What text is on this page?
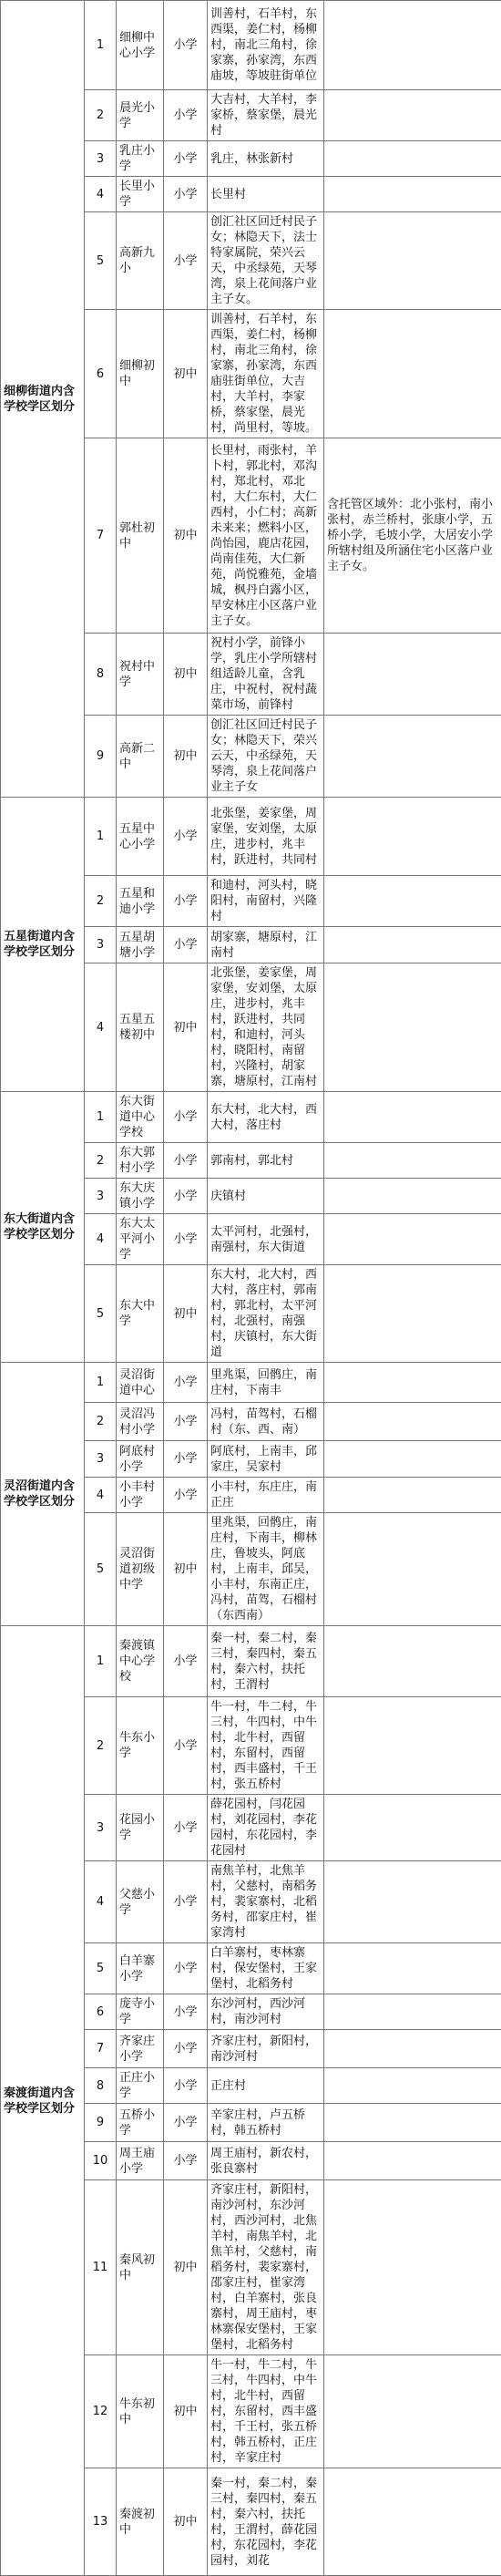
细柳街道内含学校学区划分	1	细柳中心小学	小学	训善村，石羊村，东西渠，姜仁村，杨柳村，南北三角村，徐家寨，孙家湾，东西庙坡，等坡驻街单位	
	2	晨光小学	小学	大吉村，大羊村，李家桥，蔡家堡，晨光村	
	3	乳庄小学	小学	乳庄，林张新村	
	4	长里小学	小学	长里村	
	5	高新九小	小学	创汇社区回迁村民子女；林隐天下，法士特家属院，荣兴云天，中丞绿苑，天琴湾，泉上花间落户业主子女。	
	6	细柳初中	初中	训善村，石羊村，东西渠，姜仁村，杨柳村，南北三角村，徐家寨，孙家湾，东西庙驻街单位，大吉村，大羊村，李家桥，蔡家堡，晨光村，尚里村，等坡。	
	7	郭杜初中	初中	长里村，雨张村，羊卜村，郭北村，邓沟村，郑北村，邓北村，大仁东村，大仁西村，小仁村；高新未来来；燃料小区，尚怡园，鹿店花园，尚南佳苑，大仁新苑，尚悦雅苑，金墙城，枫丹白露小区，早安林庄小区落户业主子女。	含托管区域外：北小张村，南小张村，赤兰桥村，张康小学，五桥小学，毛坡小学，大居安小学所辖村组及所涵住宅小区落户业主子女。
	8	祝村中学	初中	祝村小学，前锋小学，乳庄小学所辖村组适龄儿童，含乳庄，中祝村，祝村蔬菜市场，前锋村	
	9	高新二中	初中	创汇社区回迁村民子女；林隐天下，荣兴云天，中丞绿苑，天琴湾，泉上花间落户业主子女	
五星街道内含学校学区划分	1	五星中心小学	小学	北张堡，姜家堡，周家堡，安刘堡，太原庄，进步村，兆丰村，跃进村，共同村	
	2	五星和迪小学	小学	和迪村，河头村，晓阳村，南留村，兴隆村	
	3	五星胡塘小学	小学	胡家寨，塘原村，江南村	
	4	五星五楼初中	初中	北张堡，姜家堡，周家堡，安刘堡，太原庄，进步村，兆丰村，跃进村，共同村，和迪村，河头村，晓阳村，南留村，兴隆村，胡家寨，塘原村，江南村	
东大街道内含学校学区划分	1	东大街道中心学校	小学	东大村，北大村，西大村，落庄村	
	2	东大郭村小学	小学	郭南村，郭北村	
	3	东大庆镇小学	小学	庆镇村	
	4	东大太平河小学	小学	太平河村，北强村，南强村，东大街道	
	5	东大中学	初中	东大村，北大村，西大村，落庄村，郭南村，郭北村，太平河村，北强村，南强村，庆镇村，东大街道	
灵沼街道内含学校学区划分	1	灵沼街道中心	小学	里兆渠，回鹘庄，南庄村，下南丰	
	2	灵沼冯村小学	小学	冯村，苗驾村，石榴村（东、西、南）	
	3	阿底村小学	小学	阿底村，上南丰，邱家庄，吴家村	
	4	小丰村小学	小学	小丰村，东庄庄，南正庄	
	5	灵沼街道初级中学	初中	里兆渠，回鹘庄，南庄村，下南丰，柳林庄，鲁坡头，阿底村，上南丰，邱吴，小丰村，东南正庄，冯村，苗驾，石榴村（东西南）	
秦渡街道内含学校学区划分	1	秦渡镇中心学校	小学	秦一村，秦二村，秦三村，秦四村，秦五村，秦六村，扶托村，王渭村	
	2	牛东小学	小学	牛一村，牛二村，牛三村，牛四村，中牛村，北牛村，西留村，东留村，西留村，西丰盛村，千王村，张五桥村	
	3	花园小学	小学	薛花园村，闫花园村，刘花园村，李花园村，东花园村，李花园村	
	4	父慈小学	小学	南焦羊村，北焦羊村，父慈村，南稻务村，裴家寨村，北稻务村，邵家庄村，崔家湾村	
	5	白羊寨小学	小学	白羊寨村，枣林寨村，保安堡村，王家堡村，北稻务村	
	6	庞寺小学	小学	东沙河村，西沙河村，南沙河村	
	7	齐家庄小学	小学	齐家庄村，新阳村，南沙河村	
	8	正庄小学	小学	正庄村	
	9	五桥小学	小学	辛家庄村，卢五桥村，韩五桥村	
	10	周王庙小学	小学	周王庙村，新农村，张良寨村	
	11	秦风初中	初中	齐家庄村，新阳村，南沙河村，东沙河村，西沙河村，北焦羊村，南焦羊村，北焦羊村，父慈村，南稻务村，裴家寨村，邵家庄村，崔家湾村，白羊寨村，张良寨村，周王庙村，枣林寨保安堡村，王家堡村，北稻务村	
	12	牛东初中	初中	牛一村，牛二村，牛三村，牛四村，中牛村，北牛村，西留村，东留村，西丰盛村，千王村，张五桥村，韩五桥村，正庄村，辛家庄村	
	13	秦渡初中	初中	秦一村，秦二村，秦三村，秦四村，秦五村，秦六村，扶托村，王渭村，薛花园村，东花园村，李花园村，刘花	
